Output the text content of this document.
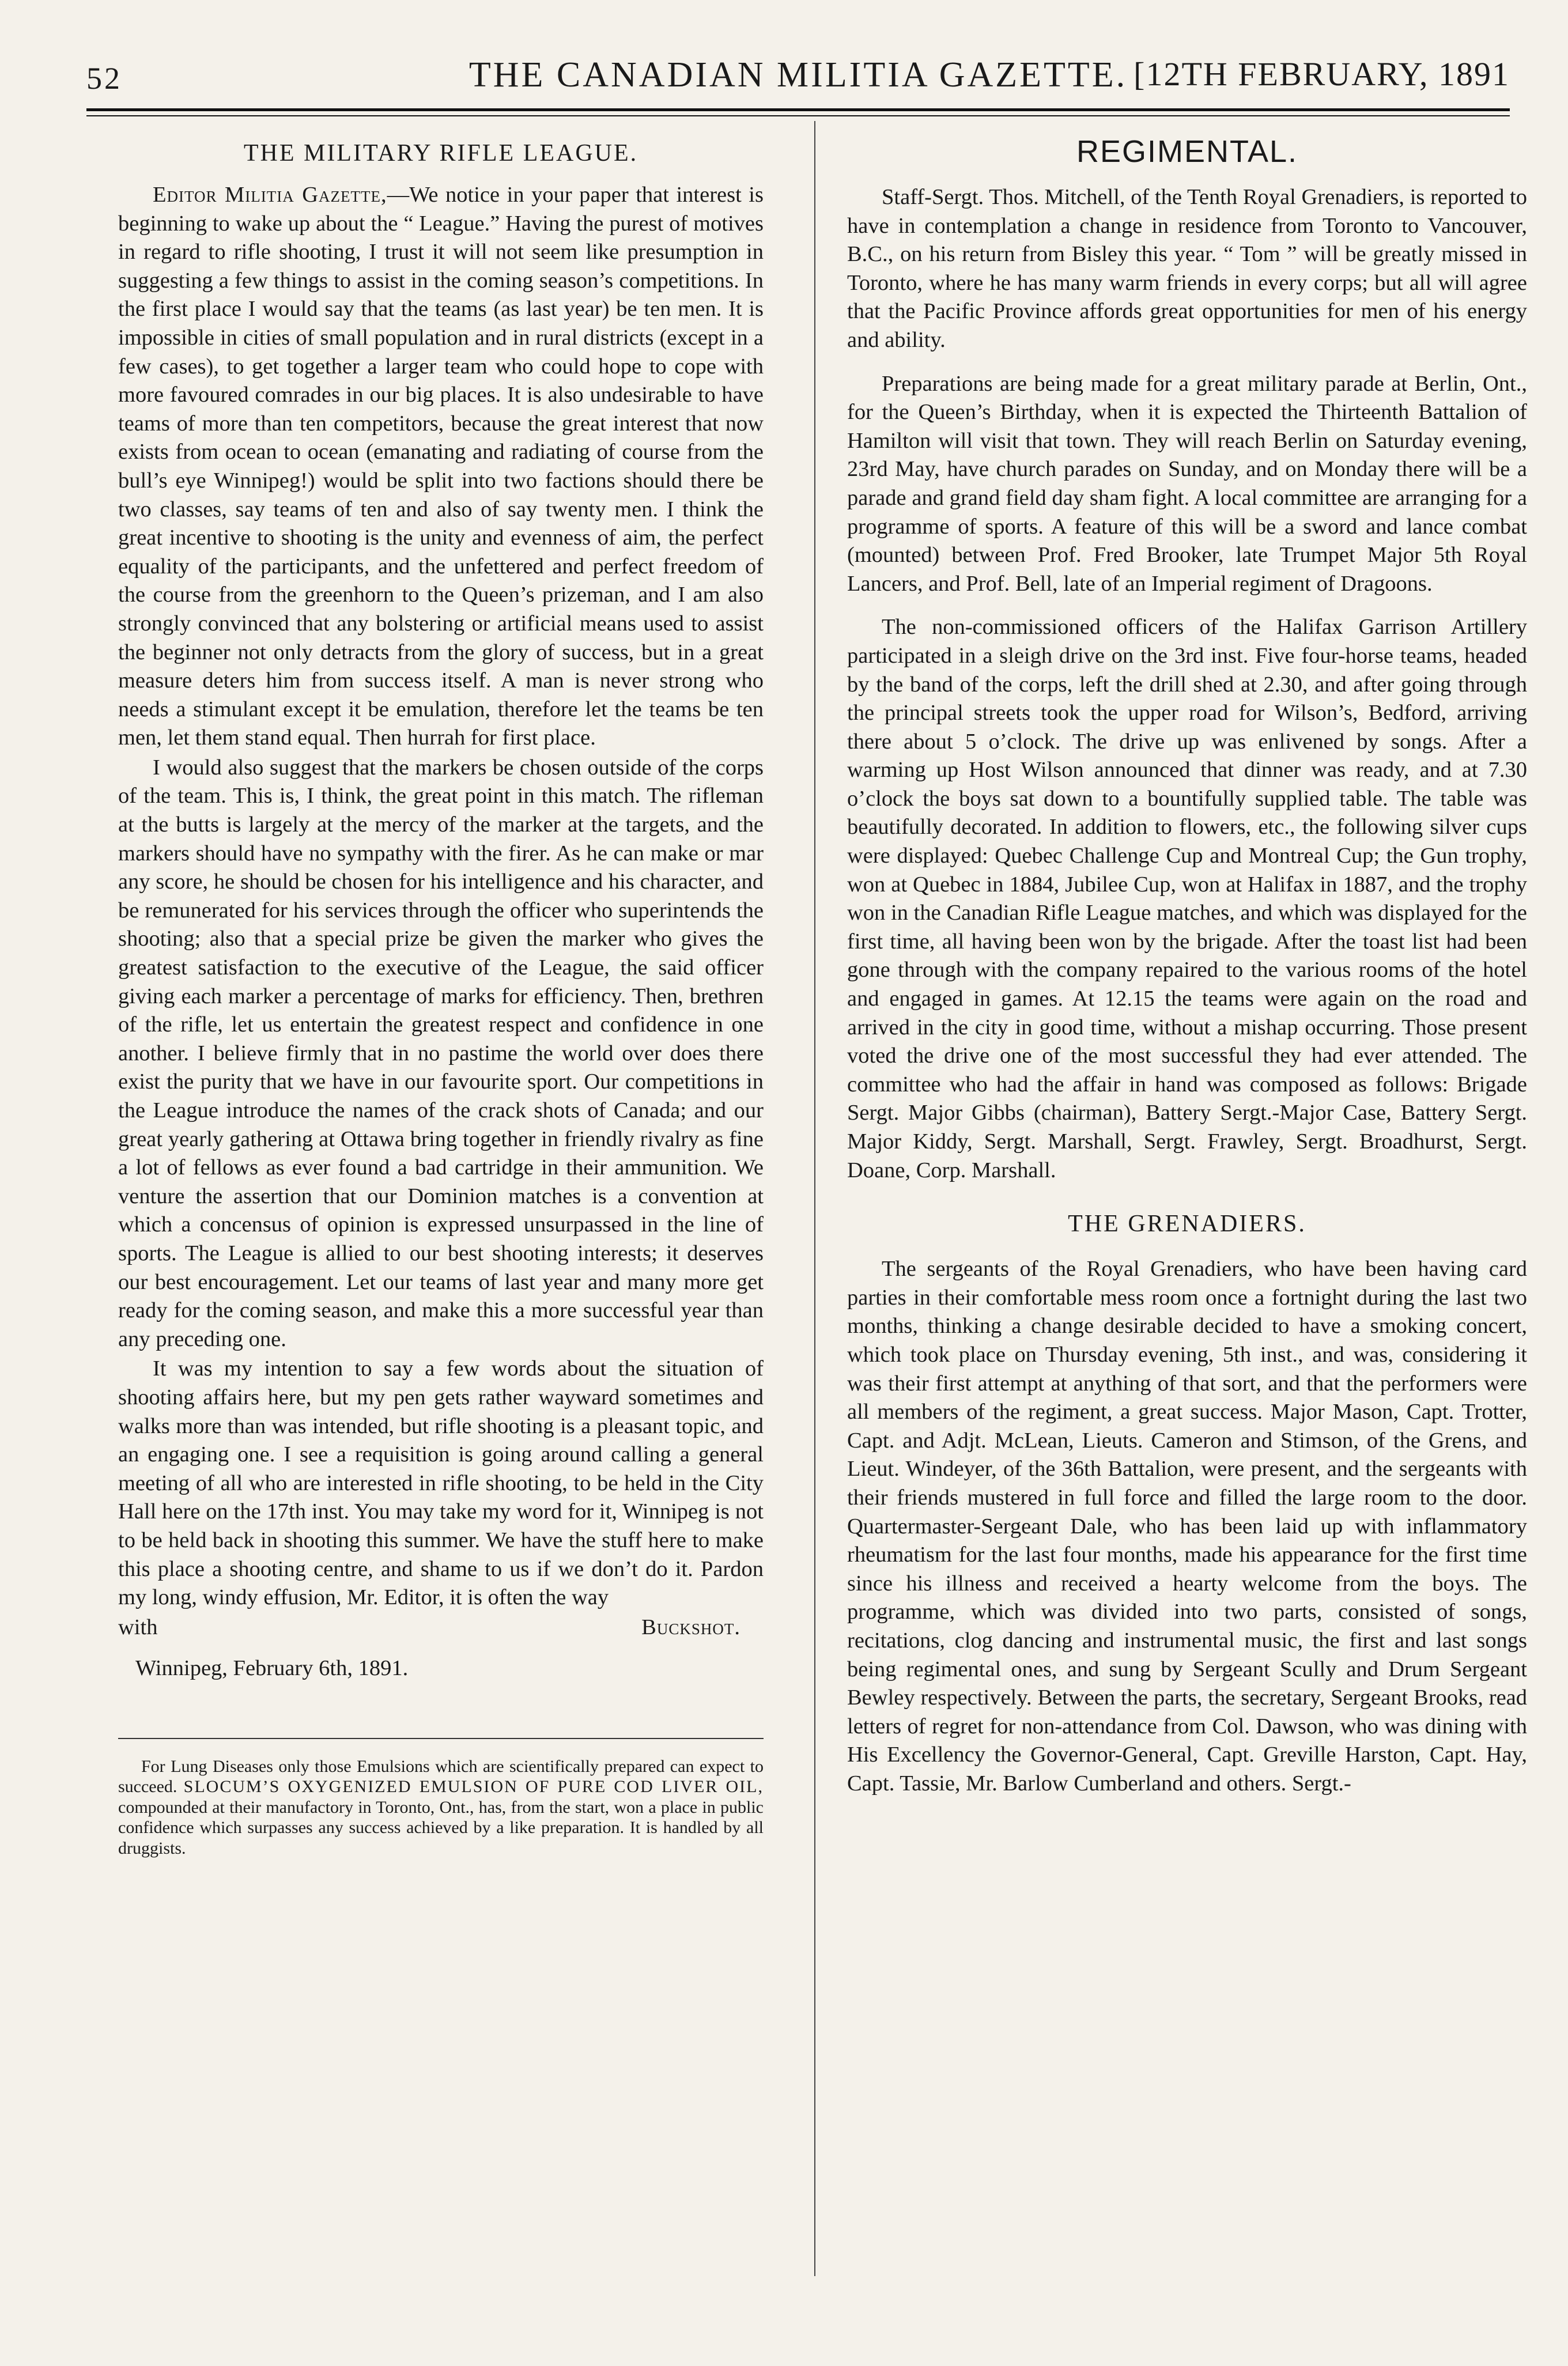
52	THE CANADIAN MILITIA GAZETTE. [12TH FEBRUARY, 1891
THE MILITARY RIFLE LEAGUE.

Editor Militia Gazette,—We notice in your paper that interest is beginning to wake up about the “ League.” Having the purest of motives in regard to rifle shooting, I trust it will not seem like presumption in suggesting a few things to assist in the coming season’s competitions. In the first place I would say that the teams (as last year) be ten men. It is impossible in cities of small population and in rural districts (except in a few cases), to get together a larger team who could hope to cope with more favoured comrades in our big places. It is also undesirable to have teams of more than ten competitors, because the great interest that now exists from ocean to ocean (emanating and radiating of course from the bull’s eye Winnipeg!) would be split into two factions should there be two classes, say teams of ten and also of say twenty men. I think the great incentive to shooting is the unity and evenness of aim, the perfect equality of the participants, and the unfettered and perfect freedom of the course from the greenhorn to the Queen’s prizeman, and I am also strongly convinced that any bolstering or artificial means used to assist the beginner not only detracts from the glory of success, but in a great measure deters him from success itself. A man is never strong who needs a stimulant except it be emulation, therefore let the teams be ten men, let them stand equal. Then hurrah for first place.

I would also suggest that the markers be chosen outside of the corps of the team. This is, I think, the great point in this match. The rifleman at the butts is largely at the mercy of the marker at the targets, and the markers should have no sympathy with the firer. As he can make or mar any score, he should be chosen for his intelligence and his character, and be remunerated for his services through the officer who superintends the shooting; also that a special prize be given the marker who gives the greatest satisfaction to the executive of the League, the said officer giving each marker a percentage of marks for efficiency. Then, brethren of the rifle, let us entertain the greatest respect and confidence in one another. I believe firmly that in no pastime the world over does there exist the purity that we have in our favourite sport. Our competitions in the League introduce the names of the crack shots of Canada; and our great yearly gathering at Ottawa bring together in friendly rivalry as fine a lot of fellows as ever found a bad cartridge in their ammunition. We venture the assertion that our Dominion matches is a convention at which a concensus of opinion is expressed unsurpassed in the line of sports. The League is allied to our best shooting interests; it deserves our best encouragement. Let our teams of last year and many more get ready for the coming season, and make this a more successful year than any preceding one.

It was my intention to say a few words about the situation of shooting affairs here, but my pen gets rather wayward sometimes and walks more than was intended, but rifle shooting is a pleasant topic, and an engaging one. I see a requisition is going around calling a general meeting of all who are interested in rifle shooting, to be held in the City Hall here on the 17th inst. You may take my word for it, Winnipeg is not to be held back in shooting this summer. We have the stuff here to make this place a shooting centre, and shame to us if we don’t do it. Pardon my long, windy effusion, Mr. Editor, it is often the way

with	Buckshot.

Winnipeg, February 6th, 1891.

For Lung Diseases only those Emulsions which are scientifically prepared can expect to succeed. SLOCUM’S OXYGENIZED EMULSION OF PURE COD LIVER OIL, compounded at their manufactory in Toronto, Ont., has, from the start, won a place in public confidence which surpasses any success achieved by a like preparation. It is handled by all druggists.

REGIMENTAL.

Staff-Sergt. Thos. Mitchell, of the Tenth Royal Grenadiers, is reported to have in contemplation a change in residence from Toronto to Vancouver, B.C., on his return from Bisley this year. “ Tom ” will be greatly missed in Toronto, where he has many warm friends in every corps; but all will agree that the Pacific Province affords great opportunities for men of his energy and ability.

Preparations are being made for a great military parade at Berlin, Ont., for the Queen’s Birthday, when it is expected the Thirteenth Battalion of Hamilton will visit that town. They will reach Berlin on Saturday evening, 23rd May, have church parades on Sunday, and on Monday there will be a parade and grand field day sham fight. A local committee are arranging for a programme of sports. A feature of this will be a sword and lance combat (mounted) between Prof. Fred Brooker, late Trumpet Major 5th Royal Lancers, and Prof. Bell, late of an Imperial regiment of Dragoons.

The non-commissioned officers of the Halifax Garrison Artillery participated in a sleigh drive on the 3rd inst. Five four-horse teams, headed by the band of the corps, left the drill shed at 2.30, and after going through the principal streets took the upper road for Wilson’s, Bedford, arriving there about 5 o’clock. The drive up was enlivened by songs. After a warming up Host Wilson announced that dinner was ready, and at 7.30 o’clock the boys sat down to a bountifully supplied table. The table was beautifully decorated. In addition to flowers, etc., the following silver cups were displayed: Quebec Challenge Cup and Montreal Cup; the Gun trophy, won at Quebec in 1884, Jubilee Cup, won at Halifax in 1887, and the trophy won in the Canadian Rifle League matches, and which was displayed for the first time, all having been won by the brigade. After the toast list had been gone through with the company repaired to the various rooms of the hotel and engaged in games. At 12.15 the teams were again on the road and arrived in the city in good time, without a mishap occurring. Those present voted the drive one of the most successful they had ever attended. The committee who had the affair in hand was composed as follows: Brigade Sergt. Major Gibbs (chairman), Battery Sergt.-Major Case, Battery Sergt. Major Kiddy, Sergt. Marshall, Sergt. Frawley, Sergt. Broadhurst, Sergt. Doane, Corp. Marshall.

THE GRENADIERS.

The sergeants of the Royal Grenadiers, who have been having card parties in their comfortable mess room once a fortnight during the last two months, thinking a change desirable decided to have a smoking concert, which took place on Thursday evening, 5th inst., and was, considering it was their first attempt at anything of that sort, and that the performers were all members of the regiment, a great success. Major Mason, Capt. Trotter, Capt. and Adjt. McLean, Lieuts. Cameron and Stimson, of the Grens, and Lieut. Windeyer, of the 36th Battalion, were present, and the sergeants with their friends mustered in full force and filled the large room to the door. Quartermaster-Sergeant Dale, who has been laid up with inflammatory rheumatism for the last four months, made his appearance for the first time since his illness and received a hearty welcome from the boys. The programme, which was divided into two parts, consisted of songs, recitations, clog dancing and instrumental music, the first and last songs being regimental ones, and sung by Sergeant Scully and Drum Sergeant Bewley respectively. Between the parts, the secretary, Sergeant Brooks, read letters of regret for non-attendance from Col. Dawson, who was dining with His Excellency the Governor-General, Capt. Greville Harston, Capt. Hay, Capt. Tassie, Mr. Barlow Cumberland and others. Sergt.-
